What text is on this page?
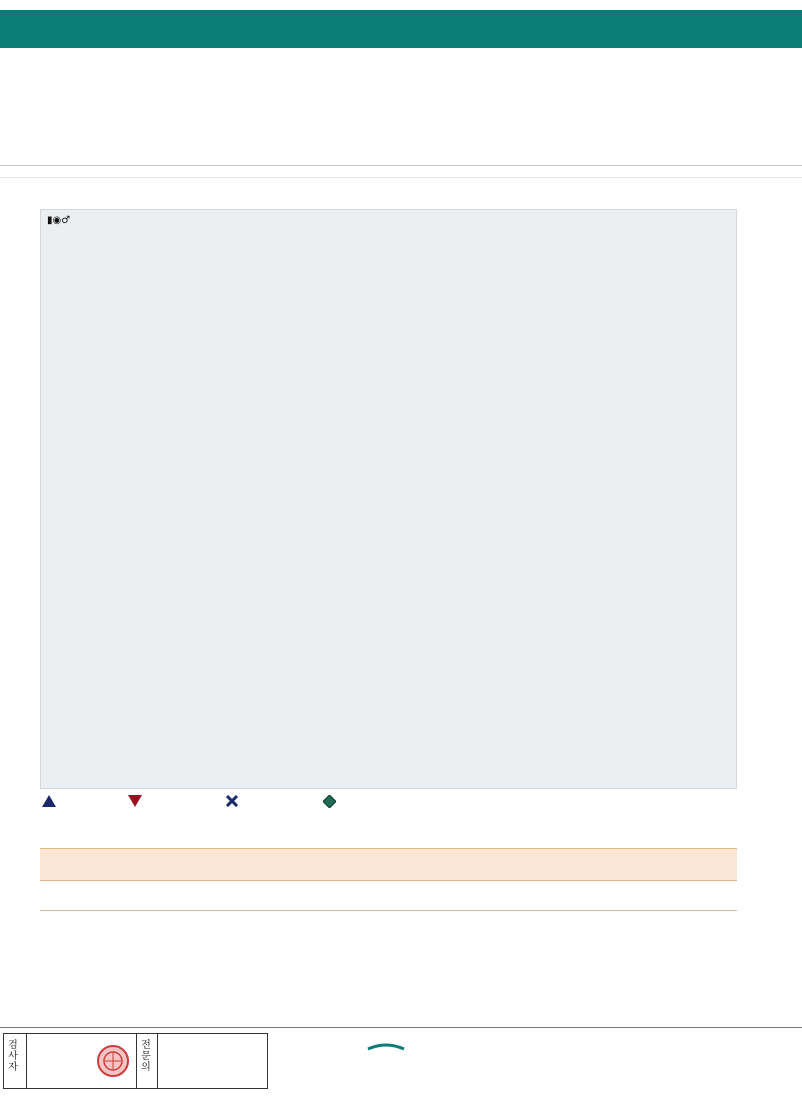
▮◉♂
검
사
자
전
문
의
